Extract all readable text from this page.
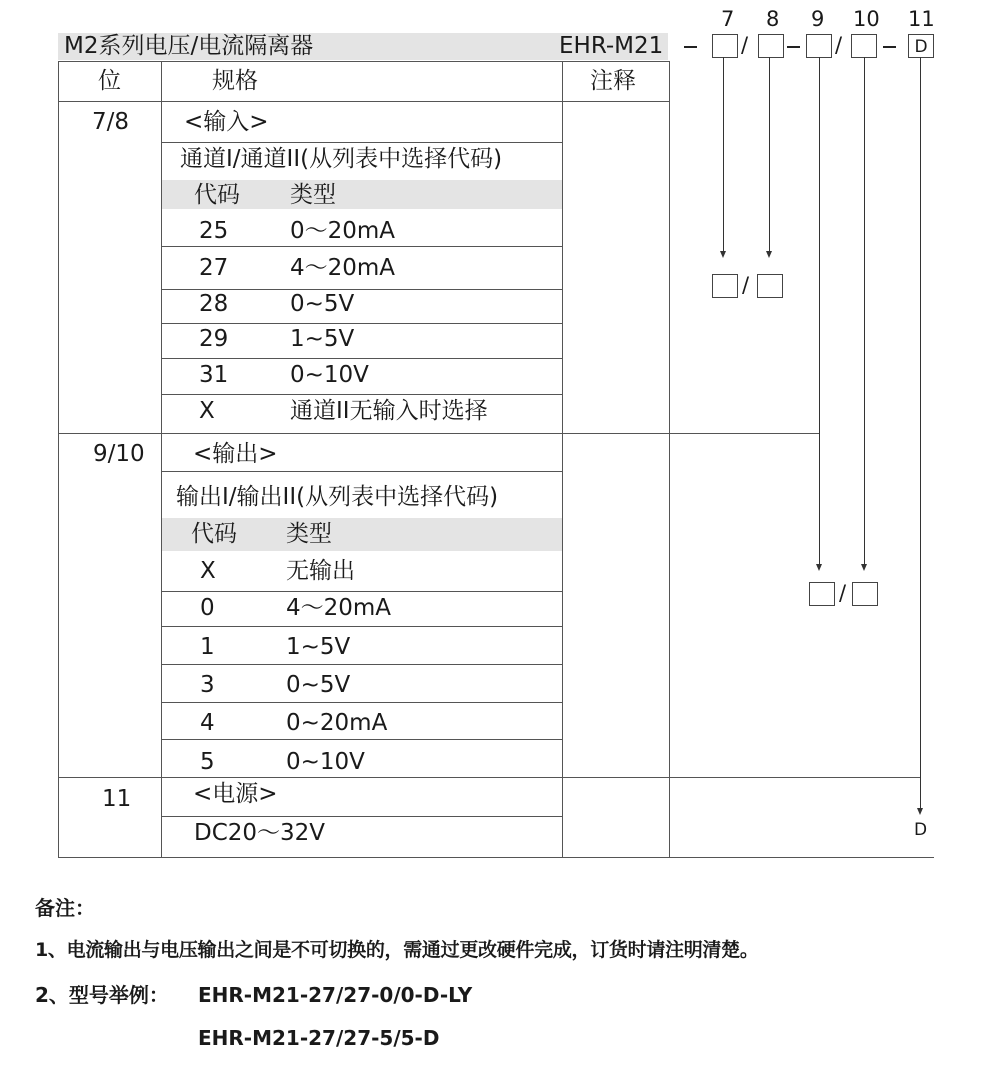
M2系列电压/电流隔离器	EHR-M21
位	规格	注释
7/8 <输入>
通道I/通道II(从列表中选择代码)
代码 类型
25	0～20mA
27	4～20mA
28	0~5V
29	1~5V
31	0~10V
X	通道II无输入时选择
9/10 <输出>
输出I/输出II(从列表中选择代码)
代码 类型
X	无输出
0	4～20mA
1	1~5V
3	0~5V
4	0~20mA
5	0~10V
11	<电源>
DC20～32V
7 8 9 10 11
/	/	D
/
/
D
备注：
1、电流输出与电压输出之间是不可切换的，需通过更改硬件完成，订货时请注明清楚。
2、型号举例： EHR-M21-27/27-0/0-D-LY
EHR-M21-27/27-5/5-D
